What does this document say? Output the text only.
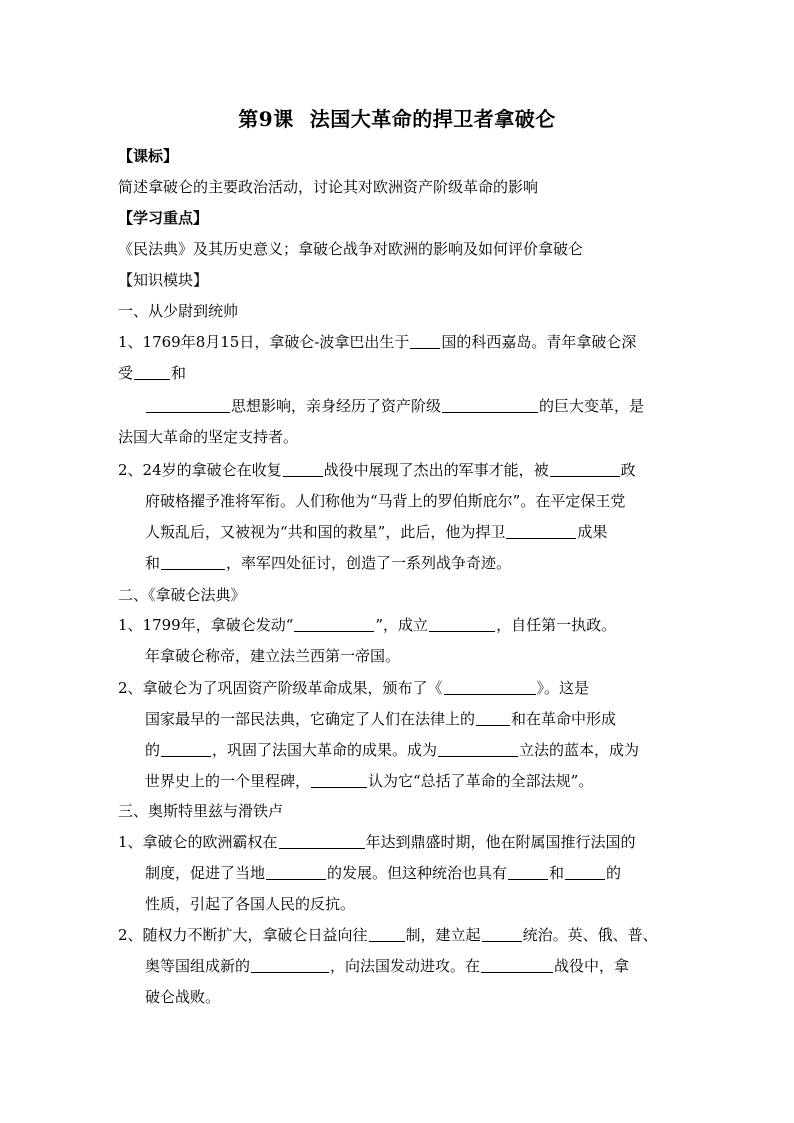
第9课 法国大革命的捍卫者拿破仑
【课标】
简述拿破仑的主要政治活动，讨论其对欧洲资产阶级革命的影响
【学习重点】
《民法典》及其历史意义；拿破仑战争对欧洲的影响及如何评价拿破仑
【知识模块】
一、从少尉到统帅
1、1769年8月15日，拿破仑-波拿巴出生于 国的科西嘉岛。青年拿破仑深
受	和
思想影响，亲身经历了资产阶级	的巨大变革，是
法国大革命的坚定支持者。
2、24岁的拿破仑在收复	战役中展现了杰出的军事才能，被	政
府破格擢予准将军衔。人们称他为“马背上的罗伯斯庇尔”。在平定保王党
人叛乱后，又被视为“共和国的救星”，此后，他为捍卫	成果
和	，率军四处征讨，创造了一系列战争奇迹。
二、《拿破仑法典》
1、1799年，拿破仑发动“	”，成立	，自任第一执政。
年拿破仑称帝，建立法兰西第一帝国。
2、拿破仑为了巩固资产阶级革命成果，颁布了《	》。这是
国家最早的一部民法典，它确定了人们在法律上的 和在革命中形成
的	，巩固了法国大革命的成果。成为	立法的蓝本，成为
世界史上的一个里程碑，	认为它“总括了革命的全部法规”。
三、奥斯特里兹与滑铁卢
1、拿破仑的欧洲霸权在	年达到鼎盛时期，他在附属国推行法国的
制度，促进了当地	的发展。但这种统治也具有	和	的
性质，引起了各国人民的反抗。
2、随权力不断扩大，拿破仑日益向往	制，建立起	统治。英、俄、普、
奥等国组成新的	，向法国发动进攻。在	战役中，拿
破仑战败。
